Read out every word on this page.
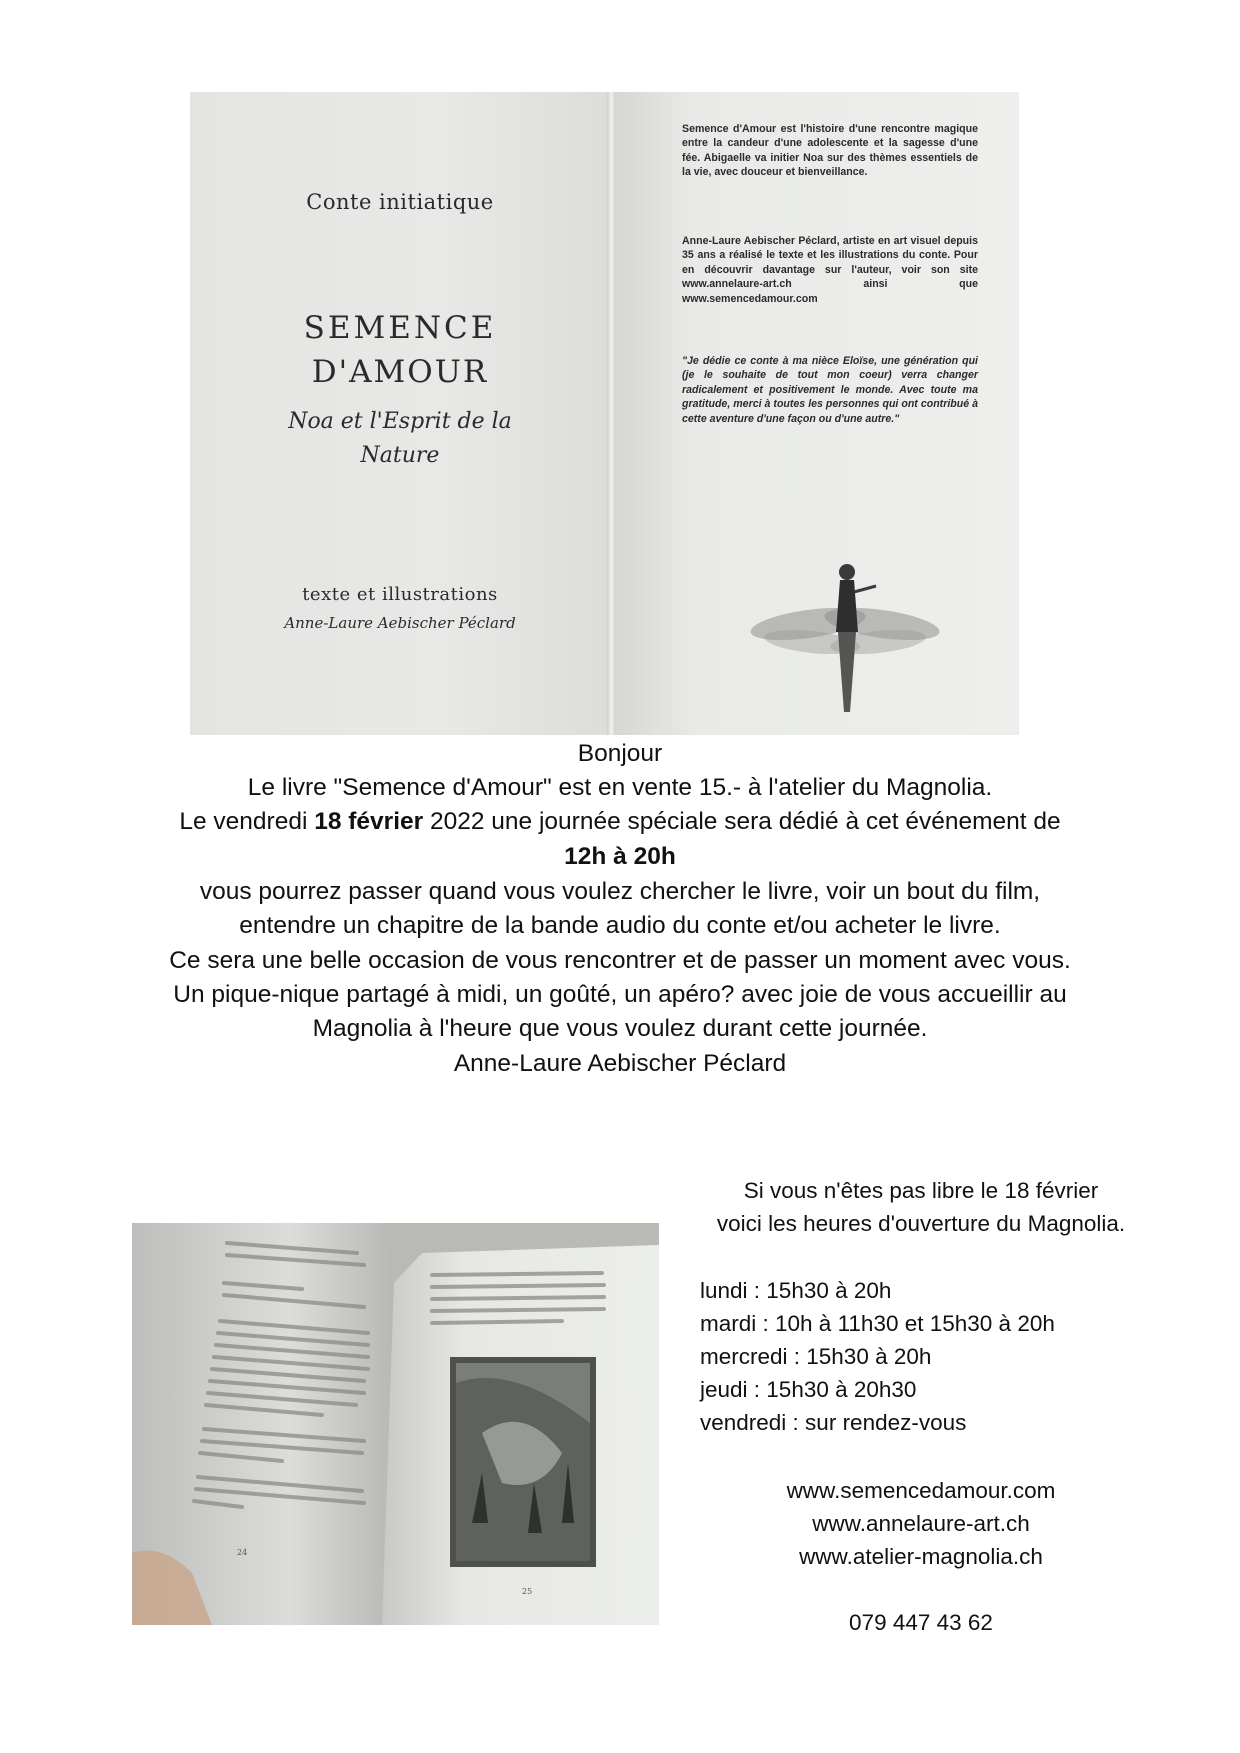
Conte initiatique
SEMENCE
D'AMOUR
Noa et l'Esprit de la Nature
texte et illustrations
Anne-Laure Aebischer Péclard
Semence d'Amour est l'histoire d'une rencontre magique entre la candeur d'une adolescente et la sagesse d'une fée. Abigaelle va initier Noa sur des thèmes essentiels de la vie, avec douceur et bienveillance.
Anne-Laure Aebischer Péclard, artiste en art visuel depuis 35 ans a réalisé le texte et les illustrations du conte. Pour en découvrir davantage sur l'auteur, voir son site www.annelaure-art.ch ainsi que www.semencedamour.com
"Je dédie ce conte à ma nièce Eloïse, une génération qui (je le souhaite de tout mon coeur) verra changer radicalement et positivement le monde. Avec toute ma gratitude, merci à toutes les personnes qui ont contribué à cette aventure d'une façon ou d'une autre."
Bonjour
Le livre "Semence d'Amour" est en vente 15.- à l'atelier du Magnolia.
Le vendredi 18 février 2022 une journée spéciale sera dédié à cet événement de
12h à 20h
vous pourrez passer quand vous voulez chercher le livre, voir un bout du film,
entendre un chapitre de la bande audio du conte et/ou acheter le livre.
Ce sera une belle occasion de vous rencontrer et de passer un moment avec vous.
Un pique-nique partagé à midi, un goûté, un apéro? avec joie de vous accueillir au
Magnolia à l'heure que vous voulez durant cette journée.
Anne-Laure Aebischer Péclard
24
25
Si vous n'êtes pas libre le 18 février
voici les heures d'ouverture du Magnolia.
lundi : 15h30 à 20h
mardi : 10h à 11h30 et 15h30 à 20h
mercredi : 15h30 à 20h
jeudi : 15h30 à 20h30
vendredi : sur rendez-vous
www.semencedamour.com
www.annelaure-art.ch
www.atelier-magnolia.ch
079 447 43 62
